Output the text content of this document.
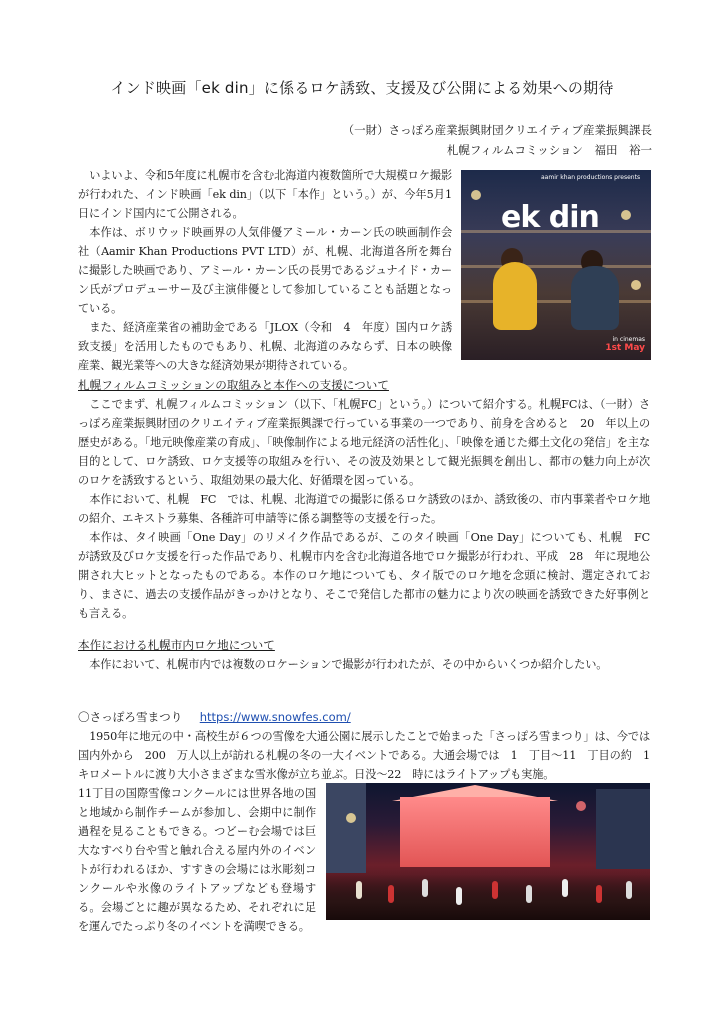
インド映画「ek din」に係るロケ誘致、支援及び公開による効果への期待
（一財）さっぽろ産業振興財団クリエイティブ産業振興課長
札幌フィルムコミッション　福田　裕一

いよいよ、令和5年度に札幌市を含む北海道内複数箇所で大規模ロケ撮影が行われた、インド映画「ek din」（以下「本作」という。）が、今年5月1日にインド国内にて公開される。

本作は、ボリウッド映画界の人気俳優アミール・カーン氏の映画制作会社（Aamir Khan Productions PVT LTD）が、札幌、北海道各所を舞台に撮影した映画であり、アミール・カーン氏の長男であるジュナイド・カーン氏がプロデューサー及び主演俳優として参加していることも話題となっている。

また、経済産業省の補助金である「JLOX（令和　4　年度）国内ロケ誘致支援」を活用したものでもあり、札幌、北海道のみならず、日本の映像産業、観光業等への大きな経済効果が期待されている。

aamir khan productions presents
ek din
in cinemas
1st May
札幌フィルムコミッションの取組みと本作への支援について

ここでまず、札幌フィルムコミッション（以下、「札幌FC」という。）について紹介する。札幌FCは、（一財）さっぽろ産業振興財団のクリエイティブ産業振興課で行っている事業の一つであり、前身を含めると　20　年以上の歴史がある。「地元映像産業の育成」、「映像制作による地元経済の活性化」、「映像を通じた郷土文化の発信」を主な目的として、ロケ誘致、ロケ支援等の取組みを行い、その波及効果として観光振興を創出し、都市の魅力向上が次のロケを誘致するという、取組効果の最大化、好循環を図っている。

本作において、札幌　FC　では、札幌、北海道での撮影に係るロケ誘致のほか、誘致後の、市内事業者やロケ地の紹介、エキストラ募集、各種許可申請等に係る調整等の支援を行った。

本作は、タイ映画「One Day」のリメイク作品であるが、このタイ映画「One Day」についても、札幌　FC　が誘致及びロケ支援を行った作品であり、札幌市内を含む北海道各地でロケ撮影が行われ、平成　28　年に現地公開され大ヒットとなったものである。本作のロケ地についても、タイ版でのロケ地を念頭に検討、選定されており、まさに、過去の支援作品がきっかけとなり、そこで発信した都市の魅力により次の映画を誘致できた好事例とも言える。

本作における札幌市内ロケ地について

本作において、札幌市内では複数のロケーションで撮影が行われたが、その中からいくつか紹介したい。

〇さっぽろ雪まつり https://www.snowfes.com/

1950年に地元の中・高校生が６つの雪像を大通公園に展示したことで始まった「さっぽろ雪まつり」は、今では国内外から　200　万人以上が訪れる札幌の冬の一大イベントである。大通会場では　1　丁目～11　丁目の約　1　キロメートルに渡り大小さまざまな雪氷像が立ち並ぶ。日没～22　時にはライトアップも実施。

11丁目の国際雪像コンクールには世界各地の国と地域から制作チームが参加し、会期中に制作過程を見ることもできる。つどーむ会場では巨大なすべり台や雪と触れ合える屋内外のイベントが行われるほか、すすきの会場には氷彫刻コンクールや氷像のライトアップなども登場する。会場ごとに趣が異なるため、それぞれに足を運んでたっぷり冬のイベントを満喫できる。
